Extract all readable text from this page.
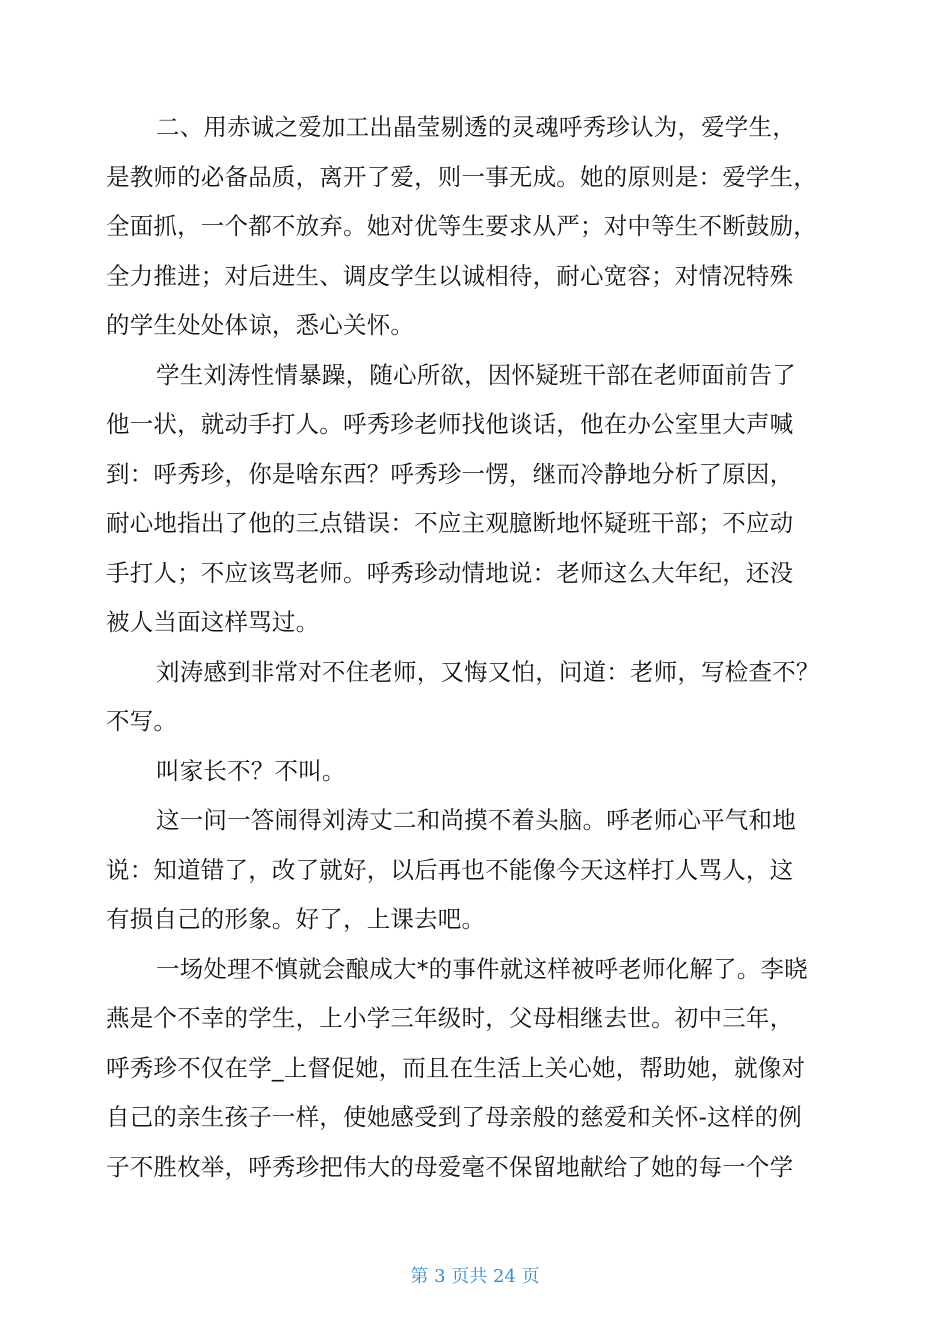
二、用赤诚之爱加工出晶莹剔透的灵魂呼秀珍认为，爱学生，
是教师的必备品质，离开了爱，则一事无成。她的原则是：爱学生，
全面抓，一个都不放弃。她对优等生要求从严；对中等生不断鼓励，
全力推进；对后进生、调皮学生以诚相待，耐心宽容；对情况特殊
的学生处处体谅，悉心关怀。
学生刘涛性情暴躁，随心所欲，因怀疑班干部在老师面前告了
他一状，就动手打人。呼秀珍老师找他谈话，他在办公室里大声喊
到：呼秀珍，你是啥东西？呼秀珍一愣，继而冷静地分析了原因，
耐心地指出了他的三点错误：不应主观臆断地怀疑班干部；不应动
手打人；不应该骂老师。呼秀珍动情地说：老师这么大年纪，还没
被人当面这样骂过。
刘涛感到非常对不住老师，又悔又怕，问道：老师，写检查不？
不写。
叫家长不？不叫。
这一问一答闹得刘涛丈二和尚摸不着头脑。呼老师心平气和地
说：知道错了，改了就好，以后再也不能像今天这样打人骂人，这
有损自己的形象。好了，上课去吧。
一场处理不慎就会酿成大*的事件就这样被呼老师化解了。李晓
燕是个不幸的学生，上小学三年级时，父母相继去世。初中三年，
呼秀珍不仅在学_上督促她，而且在生活上关心她，帮助她，就像对
自己的亲生孩子一样，使她感受到了母亲般的慈爱和关怀-这样的例
子不胜枚举，呼秀珍把伟大的母爱毫不保留地献给了她的每一个学
第 3 页共 24 页
